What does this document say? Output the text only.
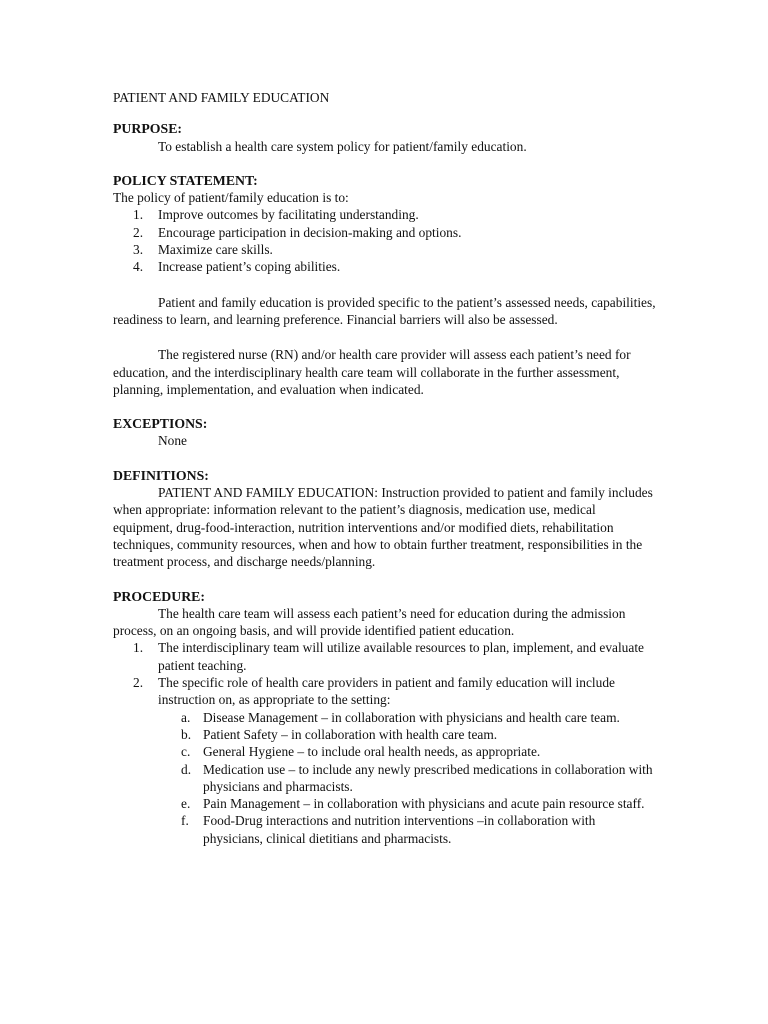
PATIENT AND FAMILY EDUCATION

PURPOSE:

To establish a health care system policy for patient/family education.

POLICY STATEMENT:

The policy of patient/family education is to:

1.	Improve outcomes by facilitating understanding.
2.	Encourage participation in decision-making and options.
3.	Maximize care skills.
4.	Increase patient’s coping abilities.

Patient and family education is provided specific to the patient’s assessed needs, capabilities, readiness to learn, and learning preference. Financial barriers will also be assessed.

The registered nurse (RN) and/or health care provider will assess each patient’s need for education, and the interdisciplinary health care team will collaborate in the further assessment, planning, implementation, and evaluation when indicated.

EXCEPTIONS:

None

DEFINITIONS:

PATIENT AND FAMILY EDUCATION: Instruction provided to patient and family includes when appropriate: information relevant to the patient’s diagnosis, medication use, medical equipment, drug-food-interaction, nutrition interventions and/or modified diets, rehabilitation techniques, community resources, when and how to obtain further treatment, responsibilities in the treatment process, and discharge needs/planning.

PROCEDURE:

The health care team will assess each patient’s need for education during the admission process, on an ongoing basis, and will provide identified patient education.

1.	The interdisciplinary team will utilize available resources to plan, implement, and evaluate patient teaching.
2.	The specific role of health care providers in patient and family education will include instruction on, as appropriate to the setting:
a. Disease Management – in collaboration with physicians and health care team.
b. Patient Safety – in collaboration with health care team.
c. General Hygiene – to include oral health needs, as appropriate.
d. Medication use – to include any newly prescribed medications in collaboration with physicians and pharmacists.
e. Pain Management – in collaboration with physicians and acute pain resource staff.
f.	Food-Drug interactions and nutrition interventions –in collaboration with physicians, clinical dietitians and pharmacists.
